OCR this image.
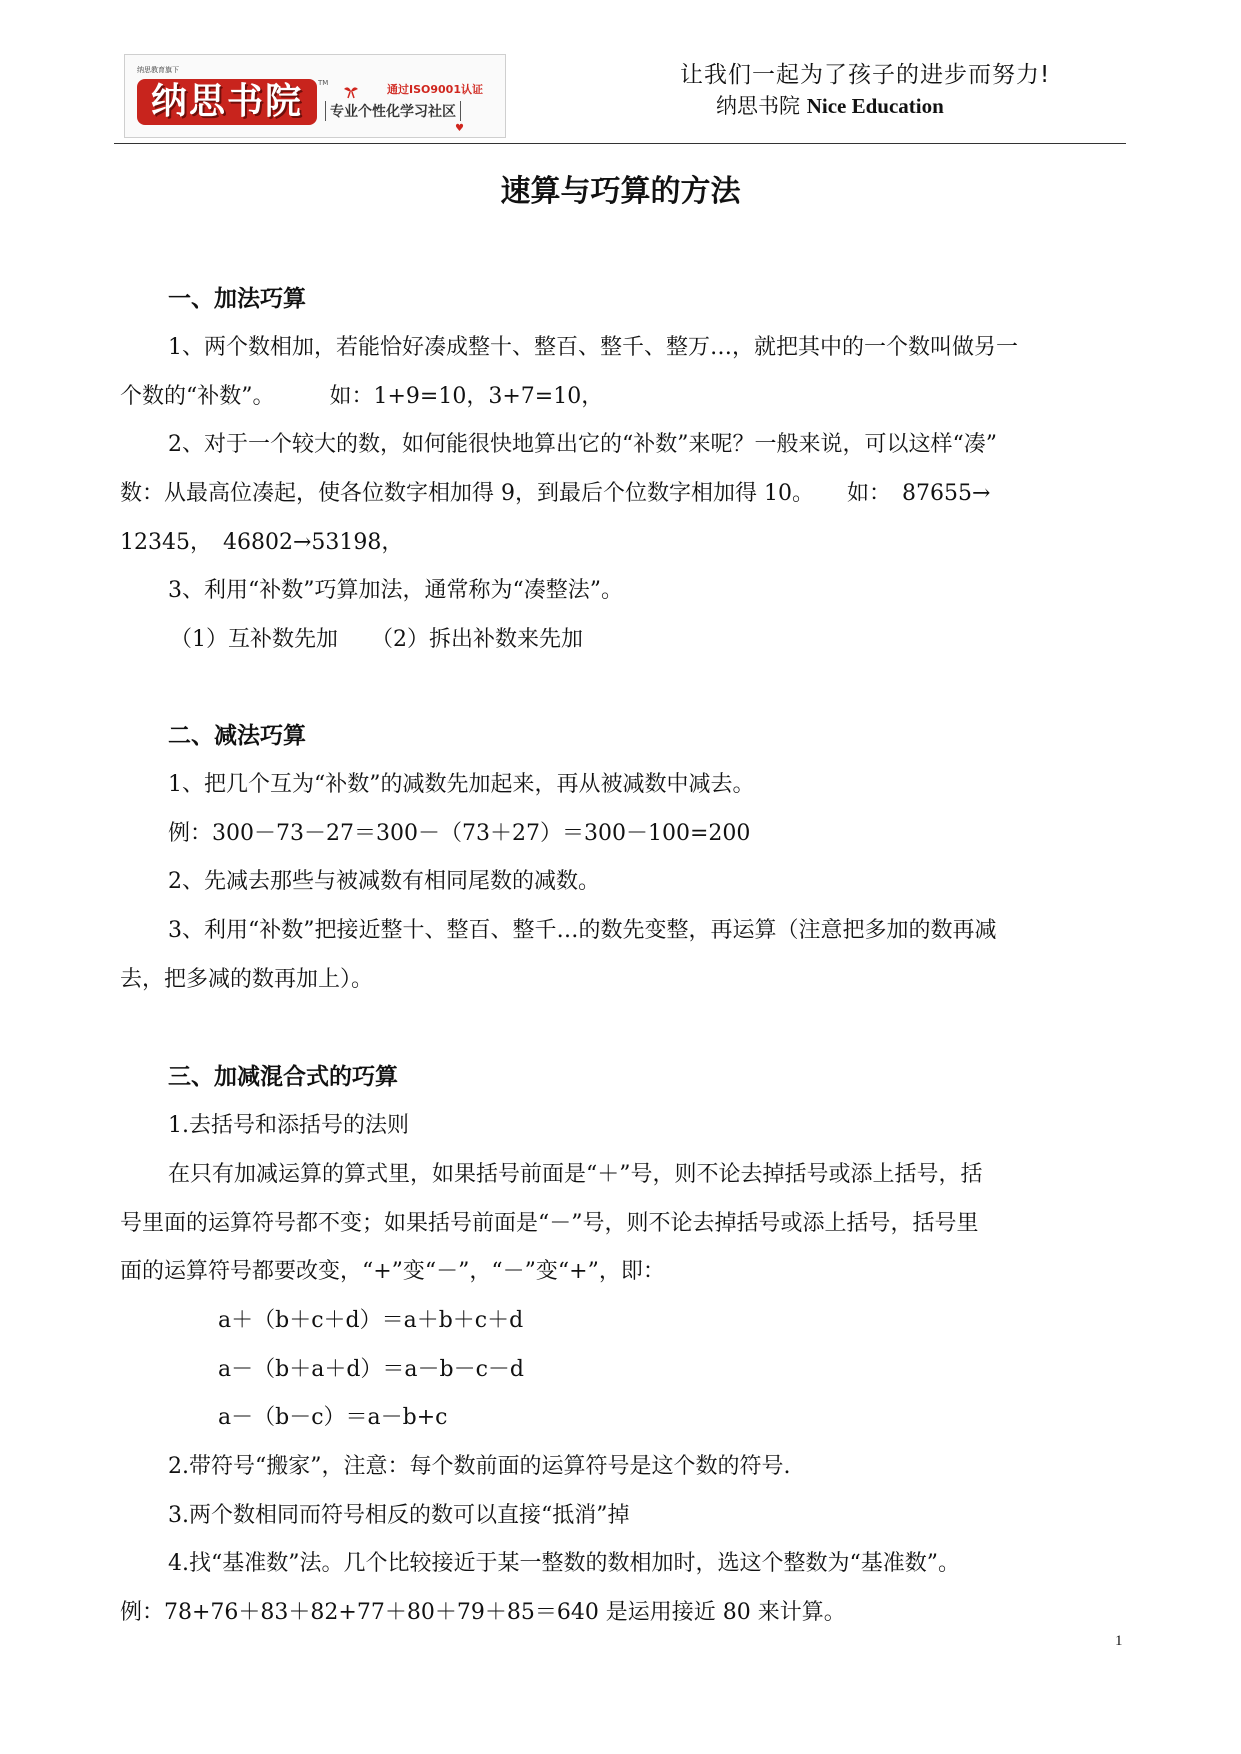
纳思教育旗下
纳思书院	TM	通过ISO9001认证
专业个性化学习社区
♥
让我们一起为了孩子的进步而努力!
纳思书院 Nice Education
速算与巧算的方法
一、加法巧算
1、两个数相加，若能恰好凑成整十、整百、整千、整万…，就把其中的一个数叫做另一
个数的“补数”。　　　如：1+9=10，3+7=10，
2、对于一个较大的数，如何能很快地算出它的“补数”来呢？一般来说，可以这样“凑”
数：从最高位凑起，使各位数字相加得 9，到最后个位数字相加得 10。　　如：　87655→
12345，　46802→53198，
3、利用“补数”巧算加法，通常称为“凑整法”。
（1）互补数先加　　（2）拆出补数来先加
二、减法巧算
1、把几个互为“补数”的减数先加起来，再从被减数中减去。
例：300－73－27＝300－（73＋27）＝300－100=200
2、先减去那些与被减数有相同尾数的减数。
3、利用“补数”把接近整十、整百、整千…的数先变整，再运算（注意把多加的数再减
去，把多减的数再加上）。
三、加减混合式的巧算
1.去括号和添括号的法则
在只有加减运算的算式里，如果括号前面是“＋”号，则不论去掉括号或添上括号，括
号里面的运算符号都不变；如果括号前面是“－”号，则不论去掉括号或添上括号，括号里
面的运算符号都要改变，“+”变“－”，“－”变“+”，即：
a＋（b＋c＋d）＝a＋b＋c＋d
a－（b＋a＋d）＝a－b－c－d
a－（b－c）＝a－b+c
2.带符号“搬家”，注意：每个数前面的运算符号是这个数的符号.
3.两个数相同而符号相反的数可以直接“抵消”掉
4.找“基准数”法。几个比较接近于某一整数的数相加时，选这个整数为“基准数”。
例：78+76＋83＋82+77＋80＋79＋85＝640 是运用接近 80 来计算。
1
